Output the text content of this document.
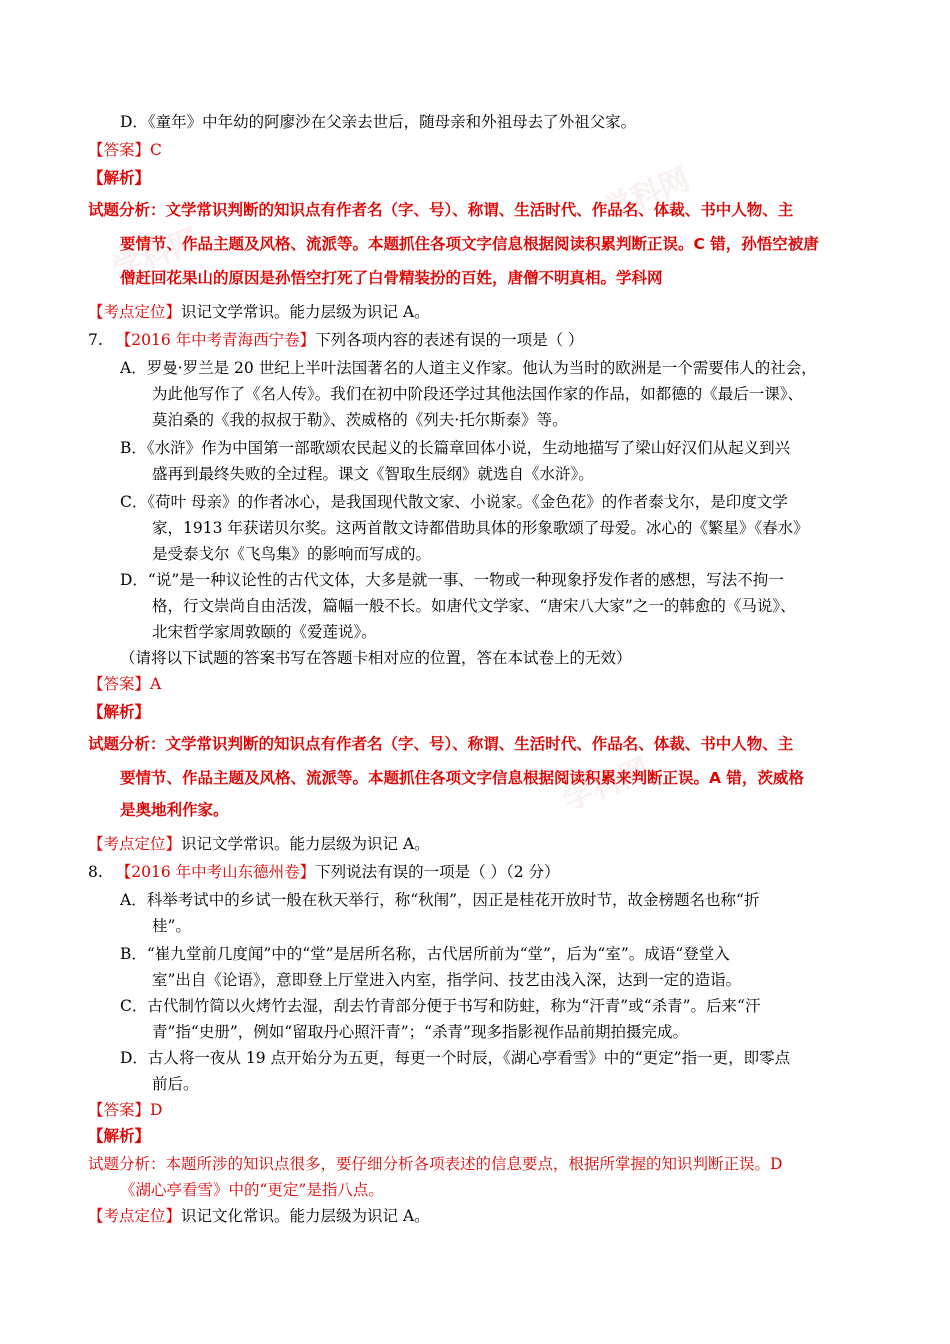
学科网
学科网
学科网
D．《童年》中年幼的阿廖沙在父亲去世后，随母亲和外祖母去了外祖父家。
【答案】C
【解析】
试题分析：文学常识判断的知识点有作者名（字、号）、称谓、生活时代、作品名、体裁、书中人物、主
要情节、作品主题及风格、流派等。本题抓住各项文字信息根据阅读积累判断正误。C 错，孙悟空被唐
僧赶回花果山的原因是孙悟空打死了白骨精装扮的百姓，唐僧不明真相。学科网
【考点定位】识记文学常识。能力层级为识记 A。
7. 【2016 年中考青海西宁卷】下列各项内容的表述有误的一项是（ ）
A．罗曼·罗兰是 20 世纪上半叶法国著名的人道主义作家。他认为当时的欧洲是一个需要伟人的社会，
为此他写作了《名人传》。我们在初中阶段还学过其他法国作家的作品，如都德的《最后一课》、
莫泊桑的《我的叔叔于勒》、茨威格的《列夫·托尔斯泰》等。
B．《水浒》作为中国第一部歌颂农民起义的长篇章回体小说，生动地描写了梁山好汉们从起义到兴
盛再到最终失败的全过程。课文《智取生辰纲》就选自《水浒》。
C．《荷叶 母亲》的作者冰心，是我国现代散文家、小说家。《金色花》的作者泰戈尔，是印度文学
家，1913 年获诺贝尔奖。这两首散文诗都借助具体的形象歌颂了母爱。冰心的《繁星》《春水》
是受泰戈尔《飞鸟集》的影响而写成的。
D．“说”是一种议论性的古代文体，大多是就一事、一物或一种现象抒发作者的感想，写法不拘一
格，行文崇尚自由活泼，篇幅一般不长。如唐代文学家、“唐宋八大家”之一的韩愈的《马说》、
北宋哲学家周敦颐的《爱莲说》。
（请将以下试题的答案书写在答题卡相对应的位置，答在本试卷上的无效）
【答案】A
【解析】
试题分析：文学常识判断的知识点有作者名（字、号）、称谓、生活时代、作品名、体裁、书中人物、主
要情节、作品主题及风格、流派等。本题抓住各项文字信息根据阅读积累来判断正误。A 错，茨威格
是奥地利作家。
【考点定位】识记文学常识。能力层级为识记 A。
8. 【2016 年中考山东德州卷】下列说法有误的一项是（ ）（2 分）
A．科举考试中的乡试一般在秋天举行，称“秋闱”，因正是桂花开放时节，故金榜题名也称“折
桂”。
B．“崔九堂前几度闻”中的“堂”是居所名称，古代居所前为“堂”，后为“室”。成语“登堂入
室”出自《论语》，意即登上厅堂进入内室，指学问、技艺由浅入深，达到一定的造诣。
C．古代制竹简以火烤竹去湿，刮去竹青部分便于书写和防蛀，称为“汗青”或“杀青”。后来“汗
青”指“史册”，例如“留取丹心照汗青”；“杀青”现多指影视作品前期拍摄完成。
D．古人将一夜从 19 点开始分为五更，每更一个时辰，《湖心亭看雪》中的“更定”指一更，即零点
前后。
【答案】D
【解析】
试题分析：本题所涉的知识点很多，要仔细分析各项表述的信息要点，根据所掌握的知识判断正误。D
《湖心亭看雪》中的“更定”是指八点。
【考点定位】识记文化常识。能力层级为识记 A。
